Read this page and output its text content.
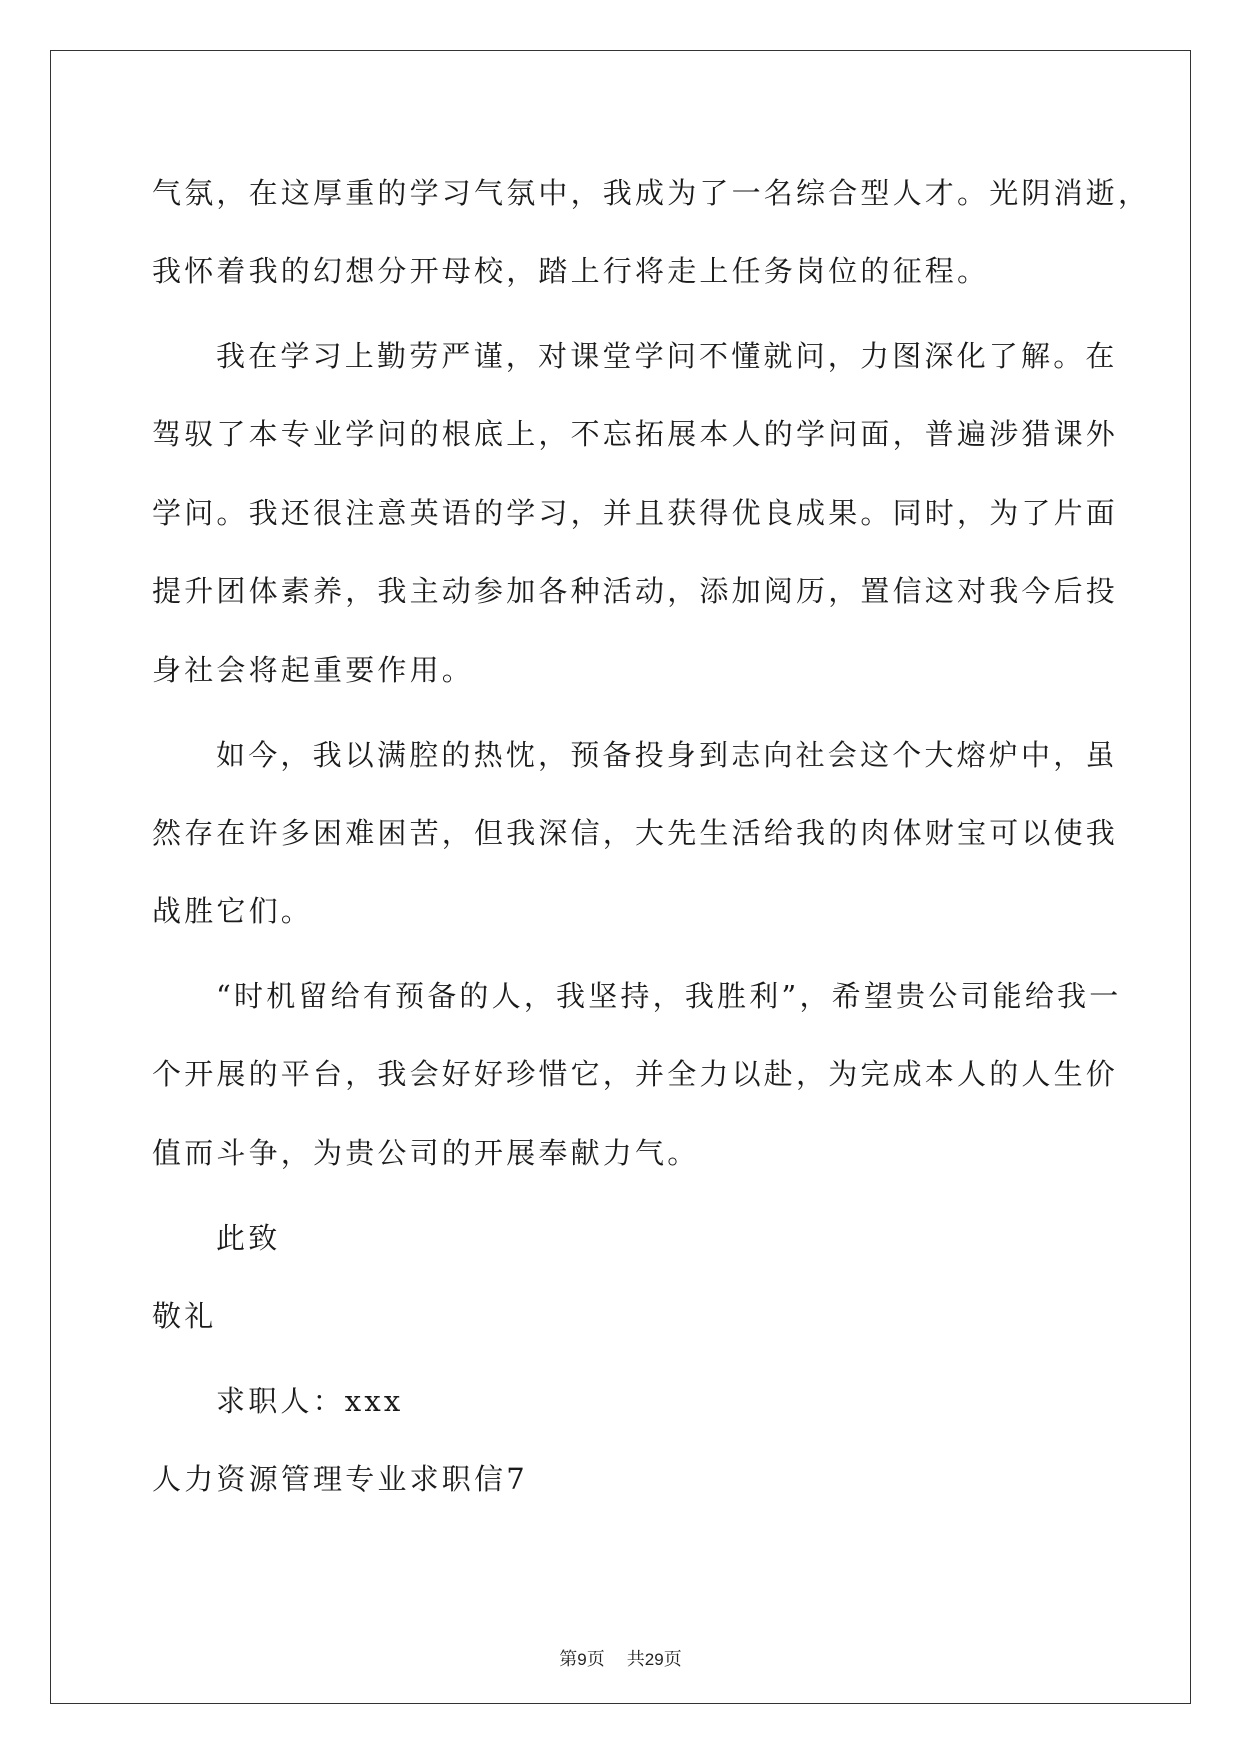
气氛，在这厚重的学习气氛中，我成为了一名综合型人才。光阴消逝，
我怀着我的幻想分开母校，踏上行将走上任务岗位的征程。
我在学习上勤劳严谨，对课堂学问不懂就问，力图深化了解。在
驾驭了本专业学问的根底上，不忘拓展本人的学问面，普遍涉猎课外
学问。我还很注意英语的学习，并且获得优良成果。同时，为了片面
提升团体素养，我主动参加各种活动，添加阅历，置信这对我今后投
身社会将起重要作用。
如今，我以满腔的热忱，预备投身到志向社会这个大熔炉中，虽
然存在许多困难困苦，但我深信，大先生活给我的肉体财宝可以使我
战胜它们。
“时机留给有预备的人，我坚持，我胜利”，希望贵公司能给我一
个开展的平台，我会好好珍惜它，并全力以赴，为完成本人的人生价
值而斗争，为贵公司的开展奉献力气。
此致
敬礼
求职人：xxx
人力资源管理专业求职信7
第9页 共29页
